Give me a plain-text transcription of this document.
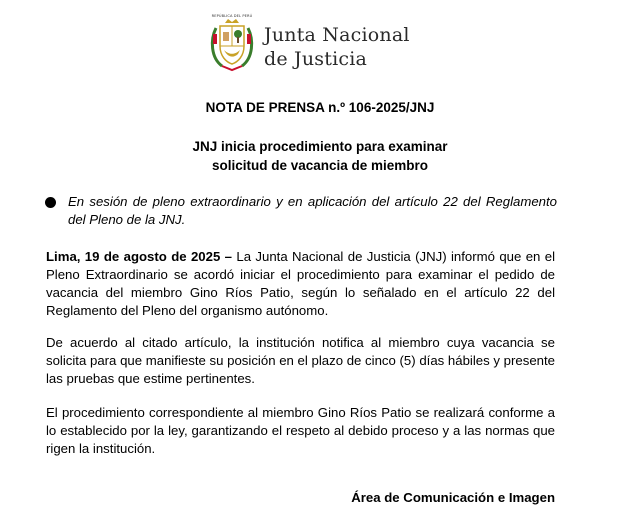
REPÚBLICA DEL PERÚ
Junta Nacional
de Justicia
NOTA DE PRENSA n.º 106-2025/JNJ
JNJ inicia procedimiento para examinar
solicitud de vacancia de miembro
En sesión de pleno extraordinario y en aplicación del artículo 22 del Reglamento del Pleno de la JNJ.
Lima, 19 de agosto de 2025 – La Junta Nacional de Justicia (JNJ) informó que en el Pleno Extraordinario se acordó iniciar el procedimiento para examinar el pedido de vacancia del miembro Gino Ríos Patio, según lo señalado en el artículo 22 del Reglamento del Pleno del organismo autónomo.
De acuerdo al citado artículo, la institución notifica al miembro cuya vacancia se solicita para que manifieste su posición en el plazo de cinco (5) días hábiles y presente las pruebas que estime pertinentes.
El procedimiento correspondiente al miembro Gino Ríos Patio se realizará conforme a lo establecido por la ley, garantizando el respeto al debido proceso y a las normas que rigen la institución.
Área de Comunicación e Imagen
